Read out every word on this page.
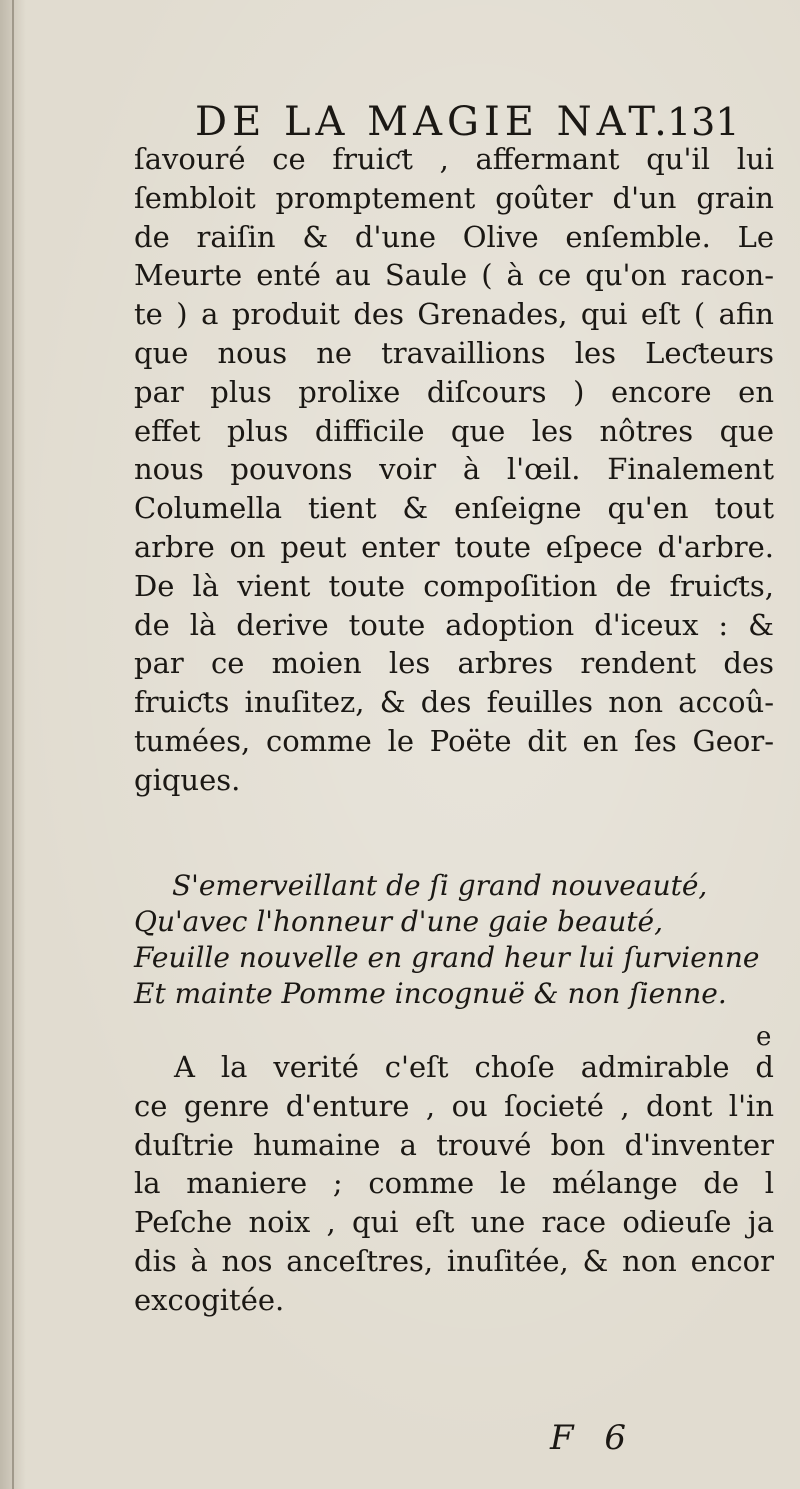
DE LA MAGIE NAT.
131
ſavouré ce fruiƈt , affermant qu'il lui
ſembloit promptement goûter d'un grain
de raiſin & d'une Olive enſemble. Le
Meurte enté au Saule ( à ce qu'on racon-
te ) a produit des Grenades, qui eſt ( afin
que nous ne travaillions les Leƈteurs
par plus prolixe diſcours ) encore en
effet plus difficile que les nôtres que
nous pouvons voir à l'œil. Finalement
Columella tient & enſeigne qu'en tout
arbre on peut enter toute eſpece d'arbre.
De là vient toute compoſition de fruiƈts,
de là derive toute adoption d'iceux : &
par ce moien les arbres rendent des
fruiƈts inuſitez, & des feuilles non accoû-
tumées, comme le Poëte dit en ſes Geor-
giques.
S'emerveillant de ſi grand nouveauté,
Qu'avec l'honneur d'une gaie beauté,
Feuille nouvelle en grand heur lui ſurvienne
Et mainte Pomme incognuë & non ſienne.
e
A la verité c'eſt choſe admirable d
ce genre d'enture , ou ſocieté , dont l'in
duſtrie humaine a trouvé bon d'inventer
la maniere ; comme le mélange de l
Peſche noix , qui eſt une race odieuſe ja
dis à nos anceſtres, inuſitée, & non encor
excogitée.
F 6
